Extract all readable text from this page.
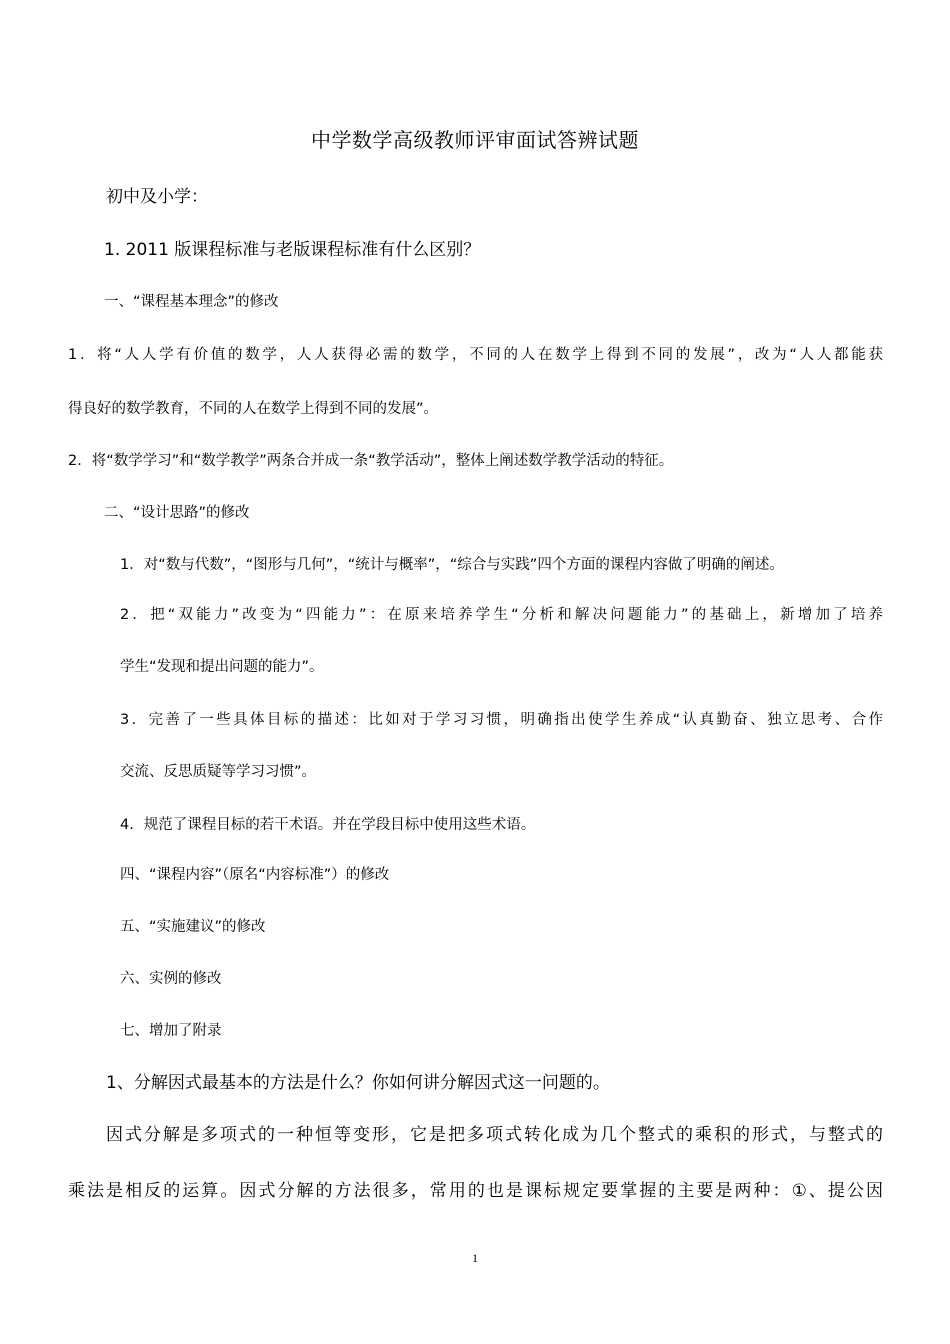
中学数学高级教师评审面试答辨试题
初中及小学：
1. 2011 版课程标准与老版课程标准有什么区别？
一、“课程基本理念”的修改
1．将“人人学有价值的数学，人人获得必需的数学，不同的人在数学上得到不同的发展”，改为“人人都能获
得良好的数学教育，不同的人在数学上得到不同的发展”。
2．将“数学学习”和“数学教学”两条合并成一条“教学活动”，整体上阐述数学教学活动的特征。
二、“设计思路”的修改
1．对“数与代数”，“图形与几何”，“统计与概率”，“综合与实践”四个方面的课程内容做了明确的阐述。
2．把“双能力”改变为“四能力”：在原来培养学生“分析和解决问题能力”的基础上，新增加了培养
学生“发现和提出问题的能力”。
3．完善了一些具体目标的描述：比如对于学习习惯，明确指出使学生养成“认真勤奋、独立思考、合作
交流、反思质疑等学习习惯”。
4．规范了课程目标的若干术语。并在学段目标中使用这些术语。
四、“课程内容”（原名“内容标准”）的修改
五、“实施建议”的修改
六、实例的修改
七、增加了附录
1、分解因式最基本的方法是什么？你如何讲分解因式这一问题的。
因式分解是多项式的一种恒等变形，它是把多项式转化成为几个整式的乘积的形式，与整式的
乘法是相反的运算。因式分解的方法很多，常用的也是课标规定要掌握的主要是两种：①、提公因
1
